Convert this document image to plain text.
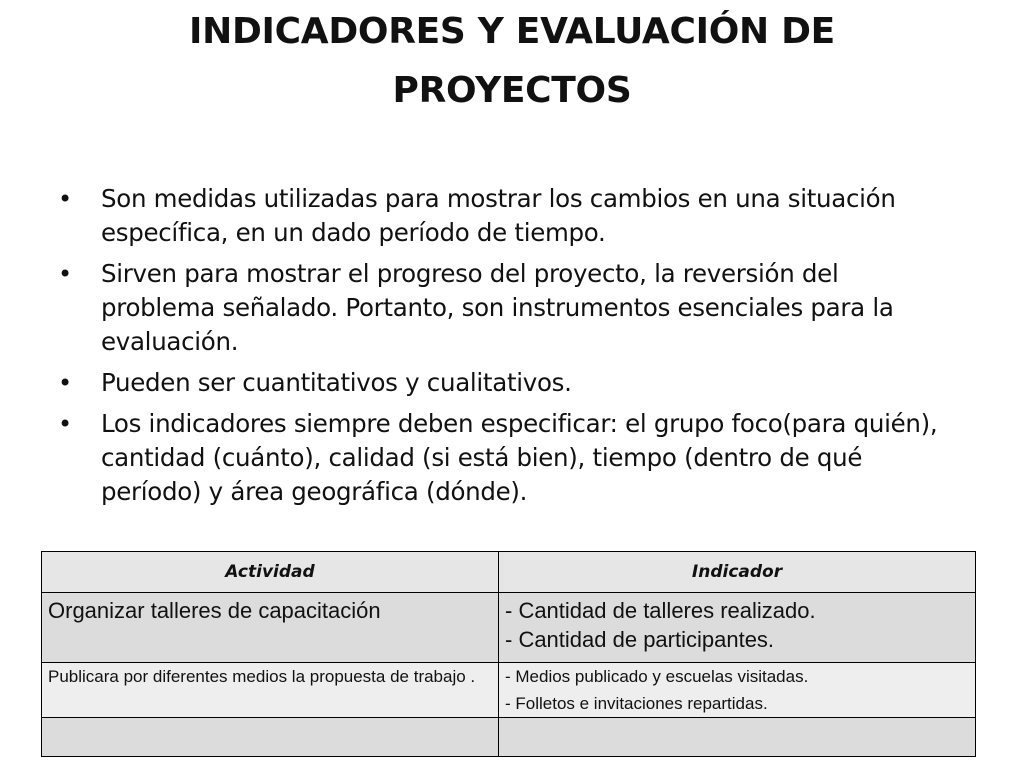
INDICADORES Y EVALUACIÓN DE
PROYECTOS
• Son medidas utilizadas para mostrar los cambios en una situación específica, en un dado período de tiempo.
• Sirven para mostrar el progreso del proyecto, la reversión del problema señalado. Portanto, son instrumentos esenciales para la evaluación.
• Pueden ser cuantitativos y cualitativos.
• Los indicadores siempre deben especificar: el grupo foco(para quién), cantidad (cuánto), calidad (si está bien), tiempo (dentro de qué período) y área geográfica (dónde).
Actividad	Indicador
Organizar talleres de capacitación	- Cantidad de talleres realizado.
- Cantidad de participantes.

Publicara por diferentes medios la propuesta de trabajo .	- Medios publicado y escuelas visitadas.
- Folletos e invitaciones repartidas.
